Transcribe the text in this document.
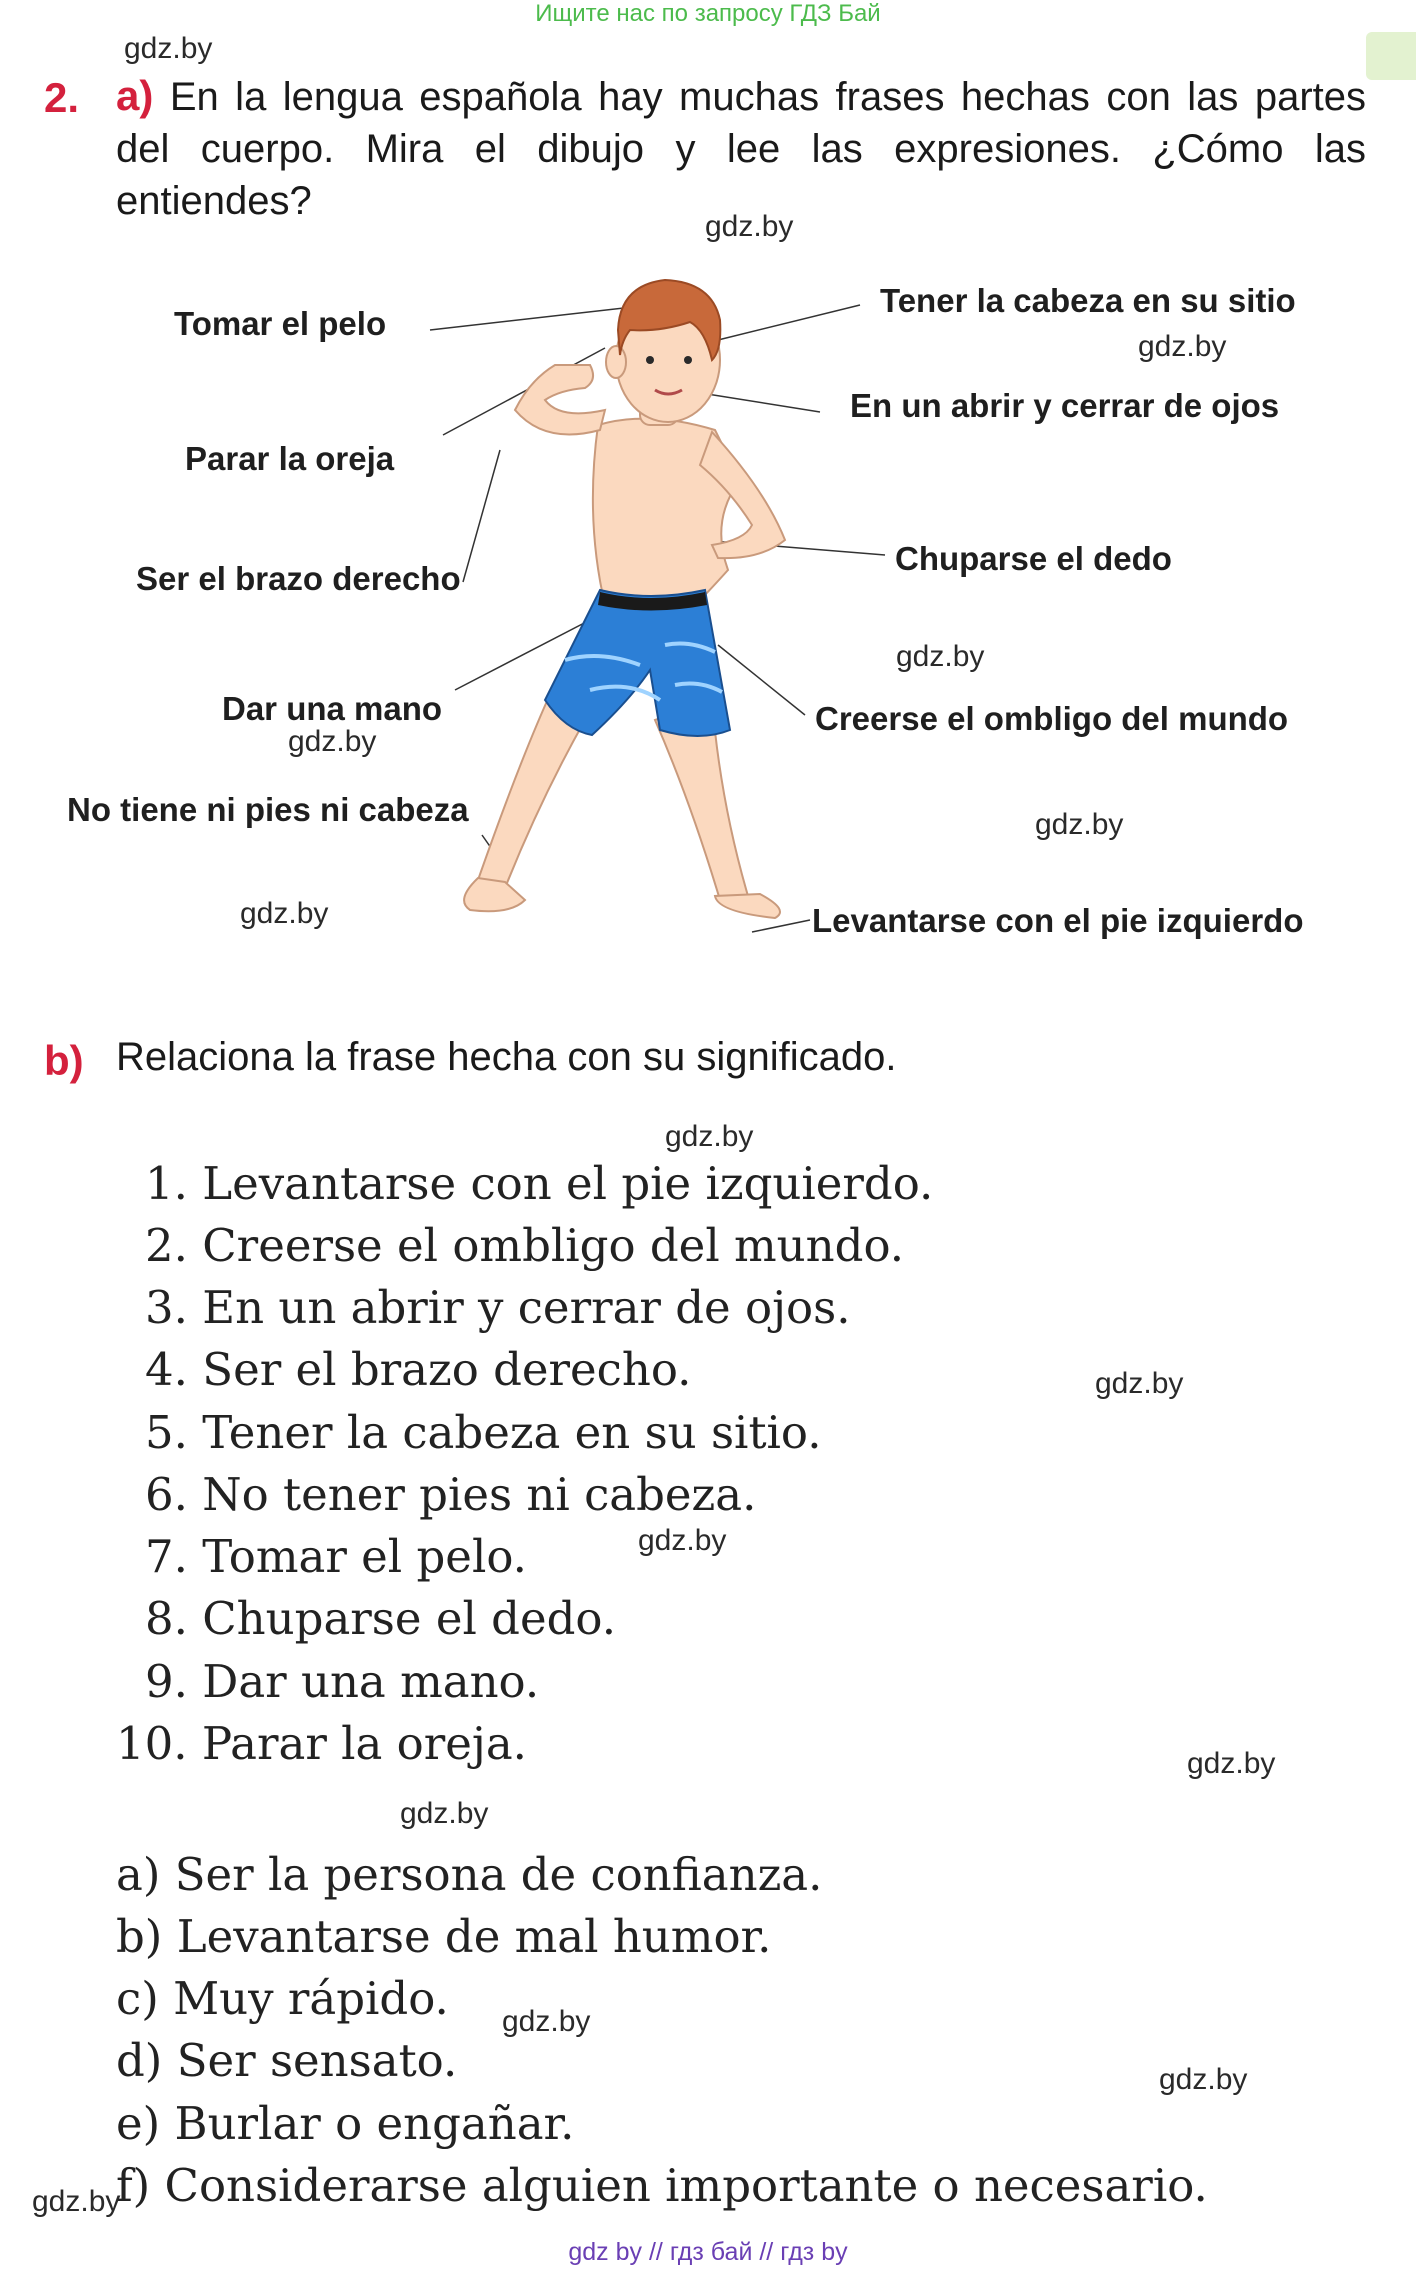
Ищите нас по запросу ГДЗ Бай
gdz.by
gdz.by
gdz.by
gdz.by
gdz.by
gdz.by
gdz.by
gdz.by
gdz.by
gdz.by
gdz.by
gdz.by
gdz.by
gdz.by
gdz.by
2. a) En la lengua española hay muchas frases hechas con las partes del cuerpo. Mira el dibujo y lee las expresiones. ¿Cómo las entiendes?
Tomar el pelo
Parar la oreja
Ser el brazo derecho
Dar una mano
No tiene ni pies ni cabeza
Tener la cabeza en su sitio
En un abrir y cerrar de ojos
Chuparse el dedo
Creerse el ombligo del mundo
Levantarse con el pie izquierdo
b) Relaciona la frase hecha con su significado.
1. Levantarse con el pie izquierdo.
2. Creerse el ombligo del mundo.
3. En un abrir y cerrar de ojos.
4. Ser el brazo derecho.
5. Tener la cabeza en su sitio.
6. No tener pies ni cabeza.
7. Tomar el pelo.
8. Chuparse el dedo.
9. Dar una mano.
10. Parar la oreja.
a) Ser la persona de confianza.
b) Levantarse de mal humor.
c) Muy rápido.
d) Ser sensato.
e) Burlar o engañar.
f) Considerarse alguien importante o necesario.
gdz by // гдз бай // гдз by
